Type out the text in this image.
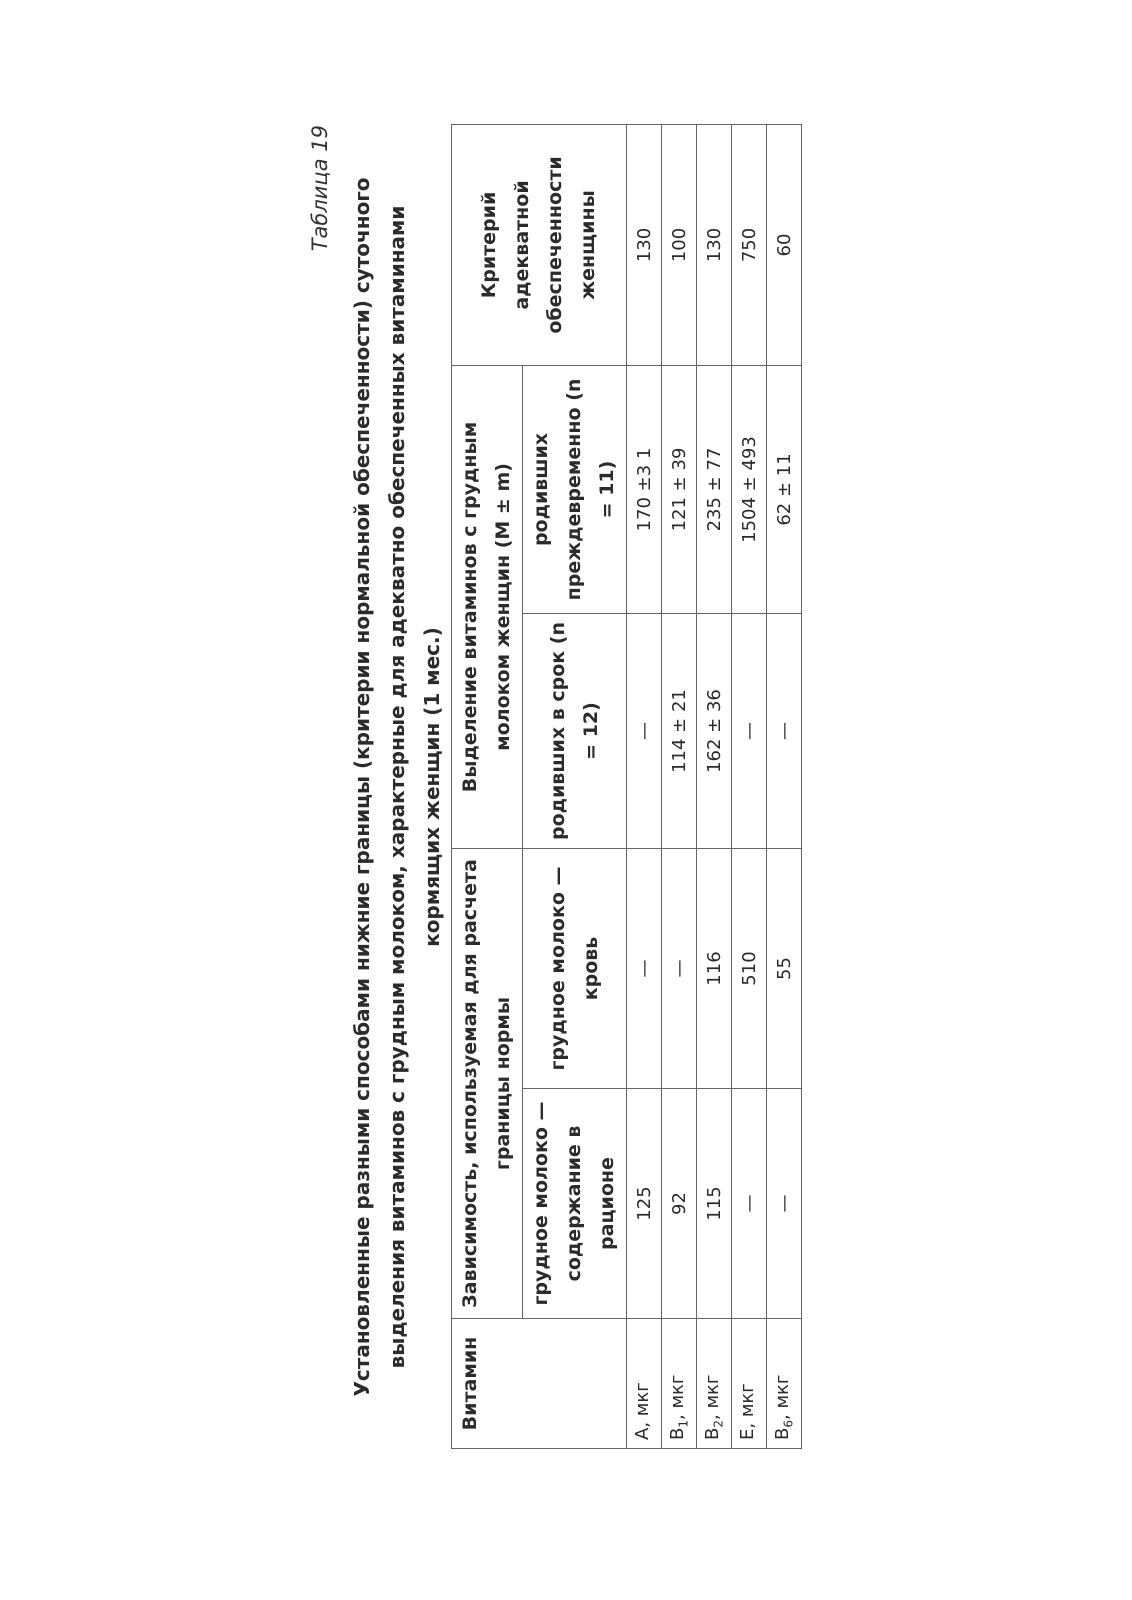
Таблица 19 Установленные разными способами нижние границы (критерии нормальной обеспеченности) суточного выделения витаминов с грудным молоком, характерные для адекватно обеспеченных витаминами кормящих женщин (1 мес.)
Витамин	Зависимость, используемая для расчета границы нормы		Выделение витаминов с грудным молоком женщин (M ± m)		Критерий адекватной обеспеченности женщины
	грудное молоко — содержание в рационе	грудное молоко — кровь	родивших в срок (n = 12)	родивших преждевременно (n = 11)	
A, мкг	125	—	—	170 ±3 1	130
$B_1$, мкг	92	—	114 ± 21	121 ± 39	100
$B_2$, мкг	115	116	162 ± 36	235 ± 77	130
E, мкг	—	510	—	1504 ± 493	750
$B_6$, мкг	—	55	—	62 ± 11	60
